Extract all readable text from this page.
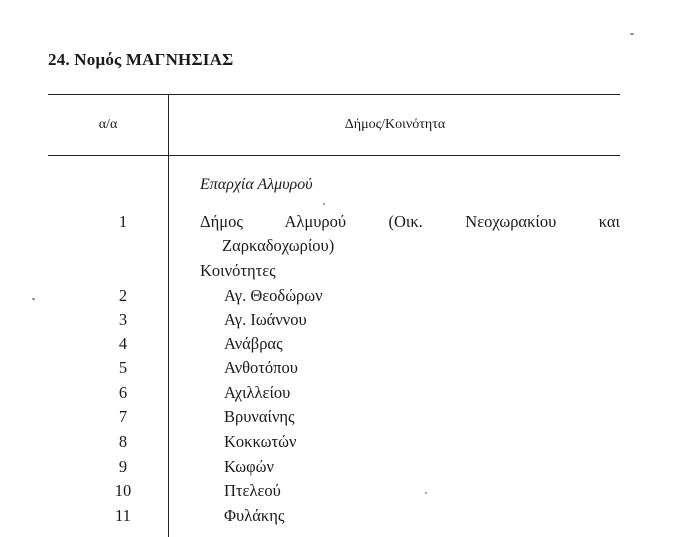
24. Νομός ΜΑΓΝΗΣΙΑΣ
α/α	Δήμος/Κοινότητα
Επαρχία Αλμυρού
1	Δήμος Αλμυρού (Οικ. Νεοχωρακίου και
Ζαρκαδοχωρίου)
Κοινότητες
2	Αγ. Θεοδώρων
3	Αγ. Ιωάννου
4	Ανάβρας
5	Ανθοτόπου
6	Αχιλλείου
7	Βρυναίνης
8	Κοκκωτών
9	Κωφών
10	Πτελεού
11	Φυλάκης
